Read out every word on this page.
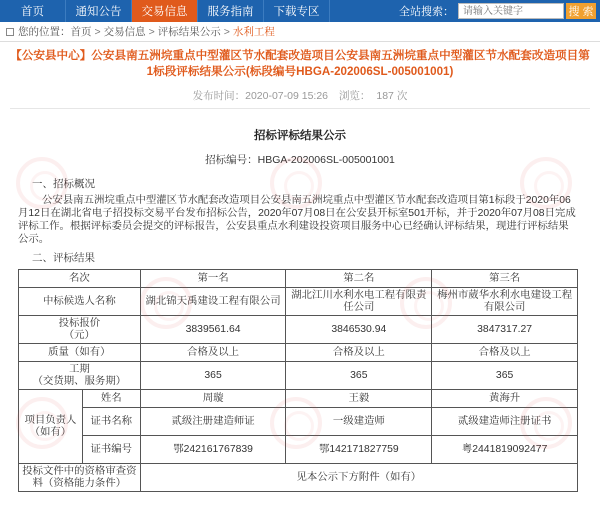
首页	通知公告	交易信息	服务指南	下载专区	全站搜索：
请输入关键字	搜 索
您的位置： 首页 > 交易信息 > 评标结果公示 > 水利工程
【公安县中心】公安县南五洲垸重点中型灌区节水配套改造项目公安县南五洲垸重点中型灌区节水配套改造项目第1标段评标结果公示(标段编号HBGA-202006SL-005001001)
发布时间：2020-07-09 15:26 浏览： 187 次
招标评标结果公示
招标编号：HBGA-202006SL-005001001
一、招标概况
公安县南五洲垸重点中型灌区节水配套改造项目公安县南五洲垸重点中型灌区节水配套改造项目第1标段于2020年06月12日在湖北省电子招投标交易平台发布招标公告，2020年07月08日在公安县开标室501开标，并于2020年07月08日完成评标工作。根据评标委员会提交的评标报告，公安县重点水利建设投资项目服务中心已经确认评标结果，现进行评标结果公示。
二、评标结果
名次		第一名	第二名	第三名
中标候选人名称		湖北锦天禹建设工程有限公司	湖北江川水利水电工程有限责任公司	梅州市葳华水利水电建设工程有限公司
投标报价
（元）		3839561.64	3846530.94	3847317.27
质量（如有）		合格及以上	合格及以上	合格及以上
工期
（交货期、服务期）		365	365	365
项目负责人（如有）	姓名	周璇	王毅	黄海升
	证书名称	贰级注册建造师证	一级建造师	贰级建造师注册证书
	证书编号	鄂242161767839	鄂142171827759	粤2441819092477
投标文件中的资格审查资料（资格能力条件）		见本公示下方附件（如有）		
